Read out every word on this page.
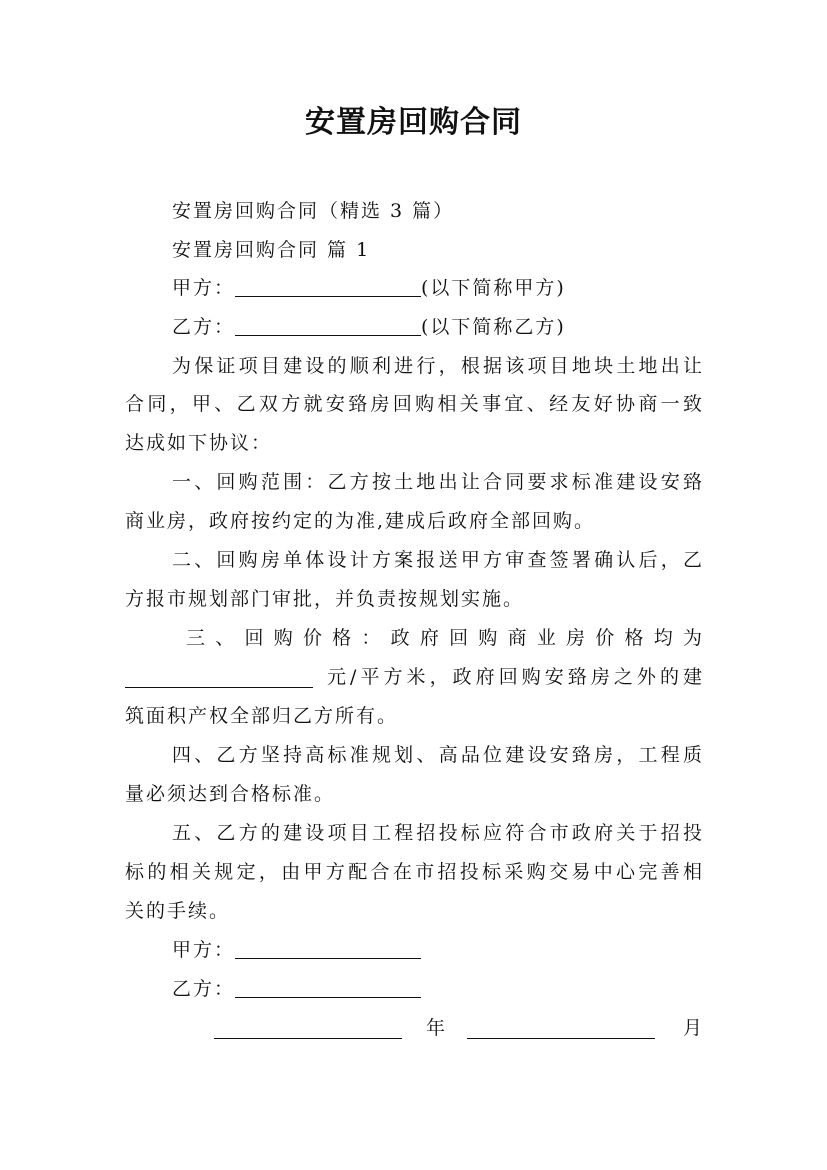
安置房回购合同
安置房回购合同（精选 3 篇）
安置房回购合同 篇 1
甲方：	(以下简称甲方)
乙方：	(以下简称乙方)
为保证项目建设的顺利进行，根据该项目地块土地出让
合同，甲、乙双方就安臵房回购相关事宜、经友好协商一致
达成如下协议：
一、回购范围：乙方按土地出让合同要求标准建设安臵
商业房，政府按约定的为准,建成后政府全部回购。
二、回购房单体设计方案报送甲方审查签署确认后，乙
方报市规划部门审批，并负责按规划实施。
三、回购价格：政府回购商业房价格均为
元/平方米，政府回购安臵房之外的建
筑面积产权全部归乙方所有。
四、乙方坚持高标准规划、高品位建设安臵房，工程质
量必须达到合格标准。
五、乙方的建设项目工程招投标应符合市政府关于招投
标的相关规定，由甲方配合在市招投标采购交易中心完善相
关的手续。
甲方：
乙方：
年	月
